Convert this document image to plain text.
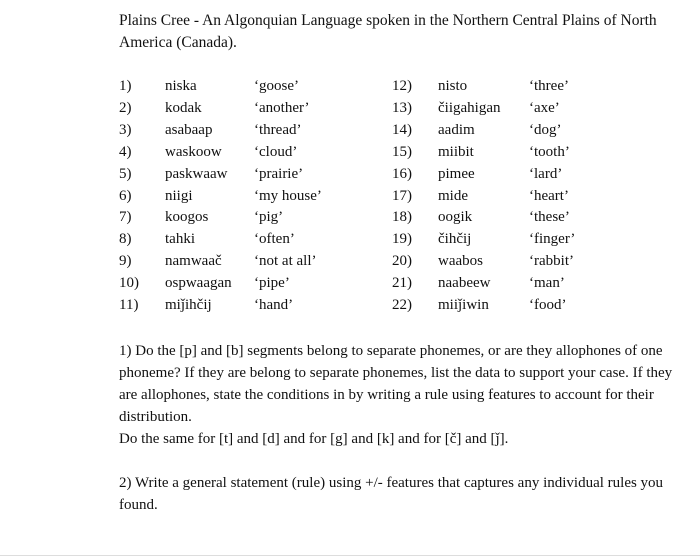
Plains Cree - An Algonquian Language spoken in the Northern Central Plains of North America (Canada).
1)
2)
3)
4)
5)
6)
7)
8)
9)
10)
11)
niska
kodak
asabaap
waskoow
paskwaaw
niigi
koogos
tahki
namwaač
ospwaagan
miǰihčij
‘goose’
‘another’
‘thread’
‘cloud’
‘prairie’
‘my house’
‘pig’
‘often’
‘not at all’
‘pipe’
‘hand’
12)
13)
14)
15)
16)
17)
18)
19)
20)
21)
22)
nisto
čiigahigan
aadim
miibit
pimee
mide
oogik
čihčij
waabos
naabeew
miiǰiwin
‘three’
‘axe’
‘dog’
‘tooth’
‘lard’
‘heart’
‘these’
‘finger’
‘rabbit’
‘man’
‘food’

1) Do the [p] and [b] segments belong to separate phonemes, or are they allophones of one phoneme? If they are belong to separate phonemes, list the data to support your case. If they are allophones, state the conditions in by writing a rule using features to account for their distribution.

Do the same for [t] and [d] and for [g] and [k] and for [č] and [ǰ].

2) Write a general statement (rule) using +/- features that captures any individual rules you found.
